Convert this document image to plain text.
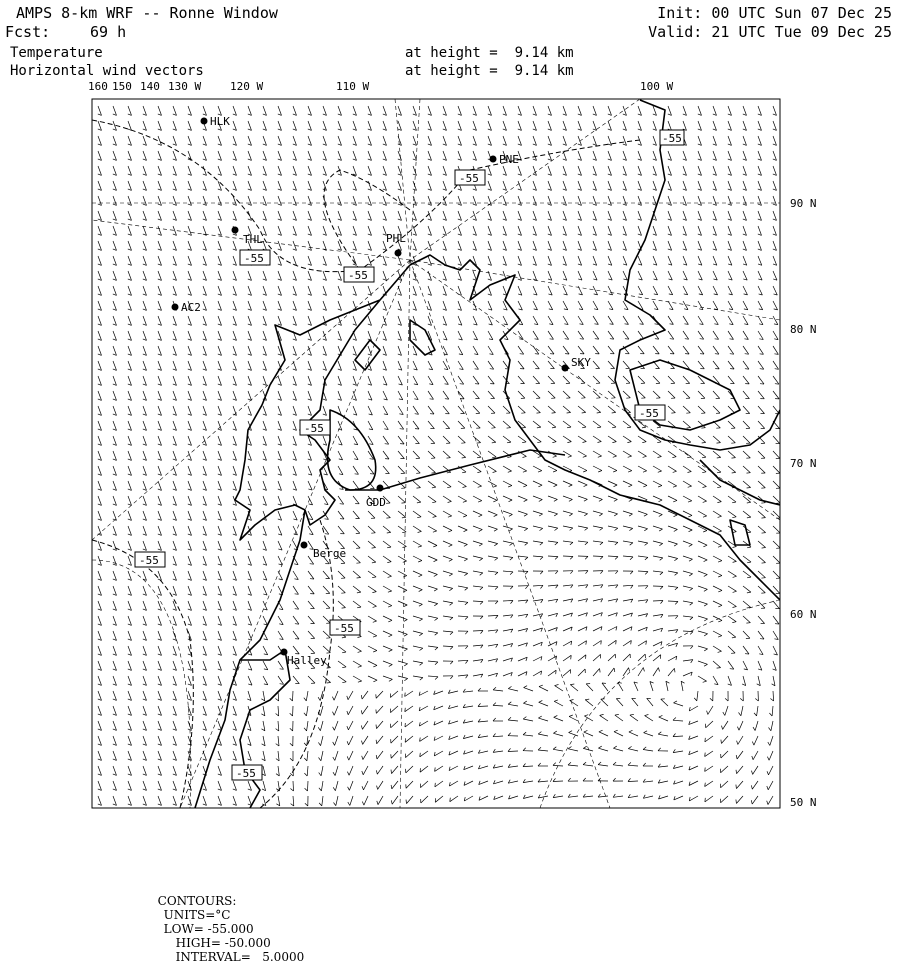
AMPS 8-km WRF -- Ronne Window	Init: 00 UTC Sun 07 Dec 25
Fcst:	69 h	Valid: 21 UTC Tue 09 Dec 25
Temperature
Horizontal wind vectors
at height =  9.14 km
at height =  9.14 km
HLK
PNE
THL	PHL
AC2
SKY
GDD
Berge
Halley
-55
-55
-55
-55
-55
-55
-55
-55
-55
160 150 140 130 W	120 W	110 W	100 W
90 N
80 N
70 N
60 N
50 N

CONTOURS:
UNITS=°C
LOW= -55.000
HIGH= -50.000
INTERVAL=   5.0000
